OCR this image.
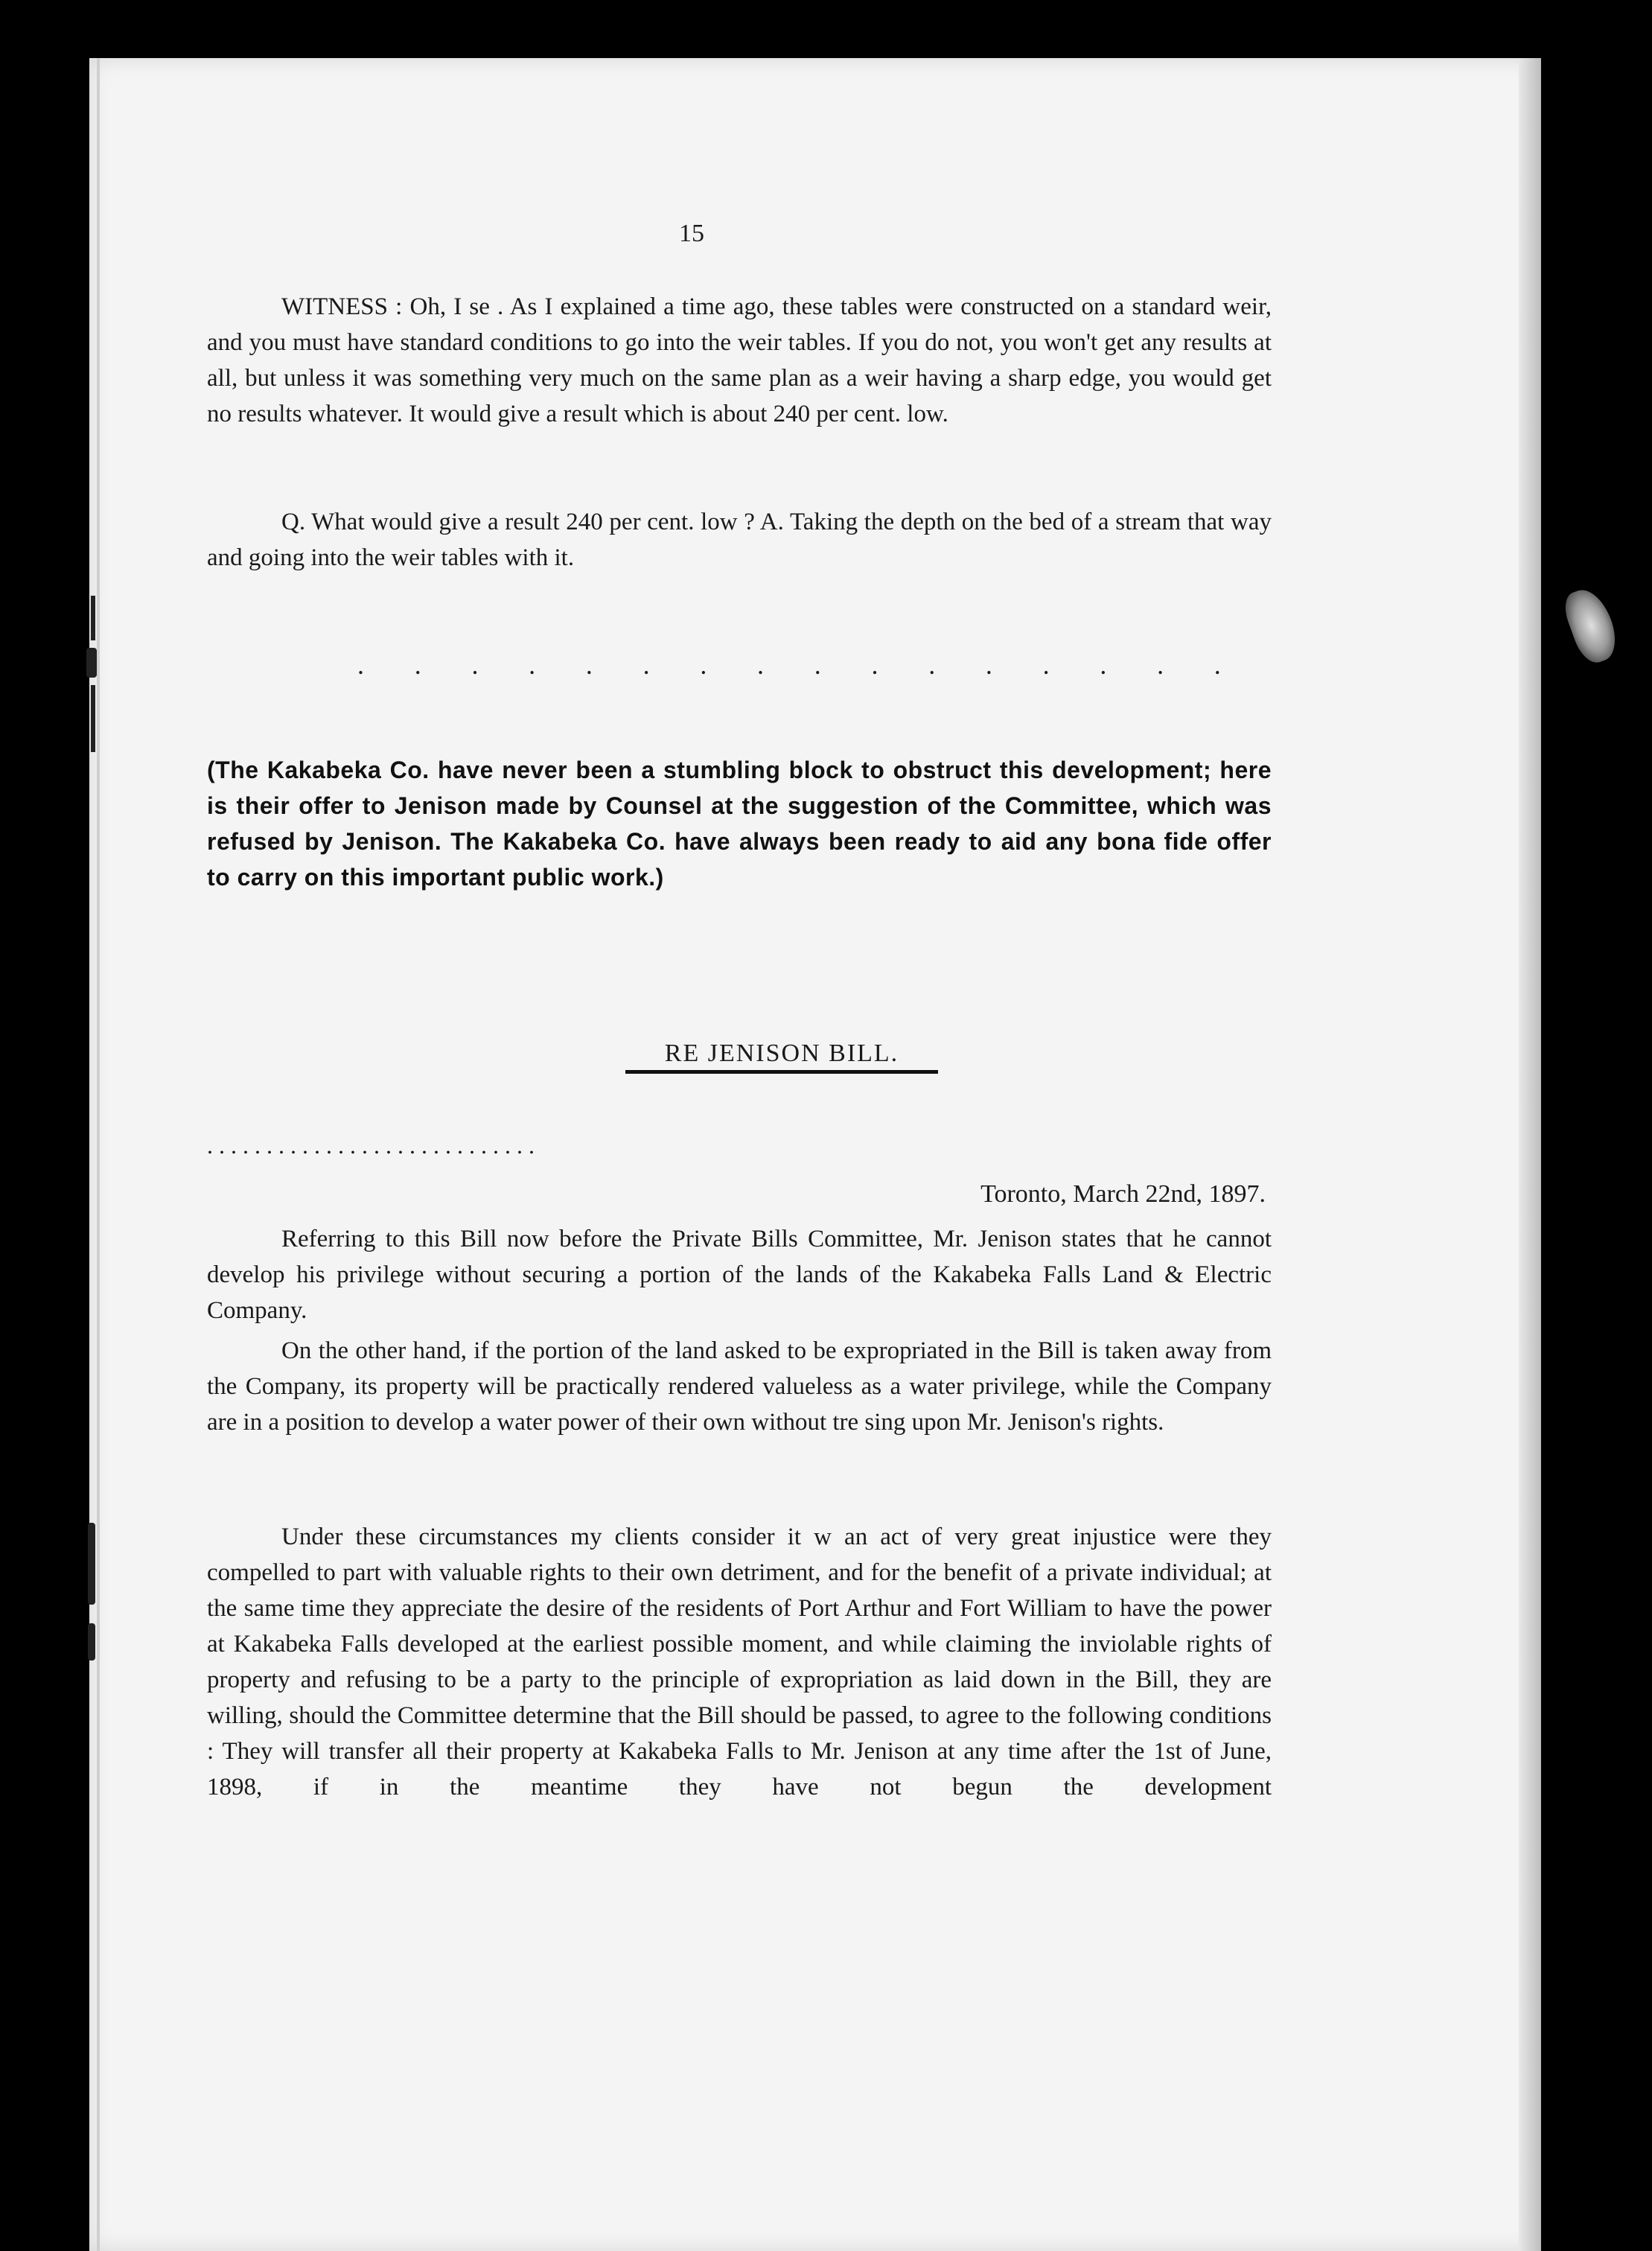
15
WITNESS : Oh, I se . As I explained a time ago, these tables were constructed on a standard weir, and you must have standard conditions to go into the weir tables. If you do not, you won't get any results at all, but unless it was something very much on the same plan as a weir having a sharp edge, you would get no results whatever. It would give a result which is about 240 per cent. low.
Q. What would give a result 240 per cent. low ? A. Taking the depth on the bed of a stream that way and going into the weir tables with it.
. . . . . . . . . . . . . . . .
(The Kakabeka Co. have never been a stumbling block to obstruct this development; here is their offer to Jenison made by Counsel at the suggestion of the Committee, which was refused by Jenison. The Kakabeka Co. have always been ready to aid any bona fide offer to carry on this important public work.)
RE JENISON BILL.
............................
Toronto, March 22nd, 1897.
Referring to this Bill now before the Private Bills Committee, Mr. Jenison states that he cannot develop his privilege without securing a portion of the lands of the Kakabeka Falls Land & Electric Company.
On the other hand, if the portion of the land asked to be expropriated in the Bill is taken away from the Company, its property will be practically rendered valueless as a water privilege, while the Company are in a position to develop a water power of their own without tre sing upon Mr. Jenison's rights.
Under these circumstances my clients consider it w an act of very great injustice were they compelled to part with valuable rights to their own detriment, and for the benefit of a private individual; at the same time they appreciate the desire of the residents of Port Arthur and Fort William to have the power at Kakabeka Falls developed at the earliest possible moment, and while claiming the inviolable rights of property and refusing to be a party to the principle of expropriation as laid down in the Bill, they are willing, should the Committee determine that the Bill should be passed, to agree to the following conditions : They will transfer all their property at Kakabeka Falls to Mr. Jenison at any time after the 1st of June, 1898, if in the meantime they have not begun the development
